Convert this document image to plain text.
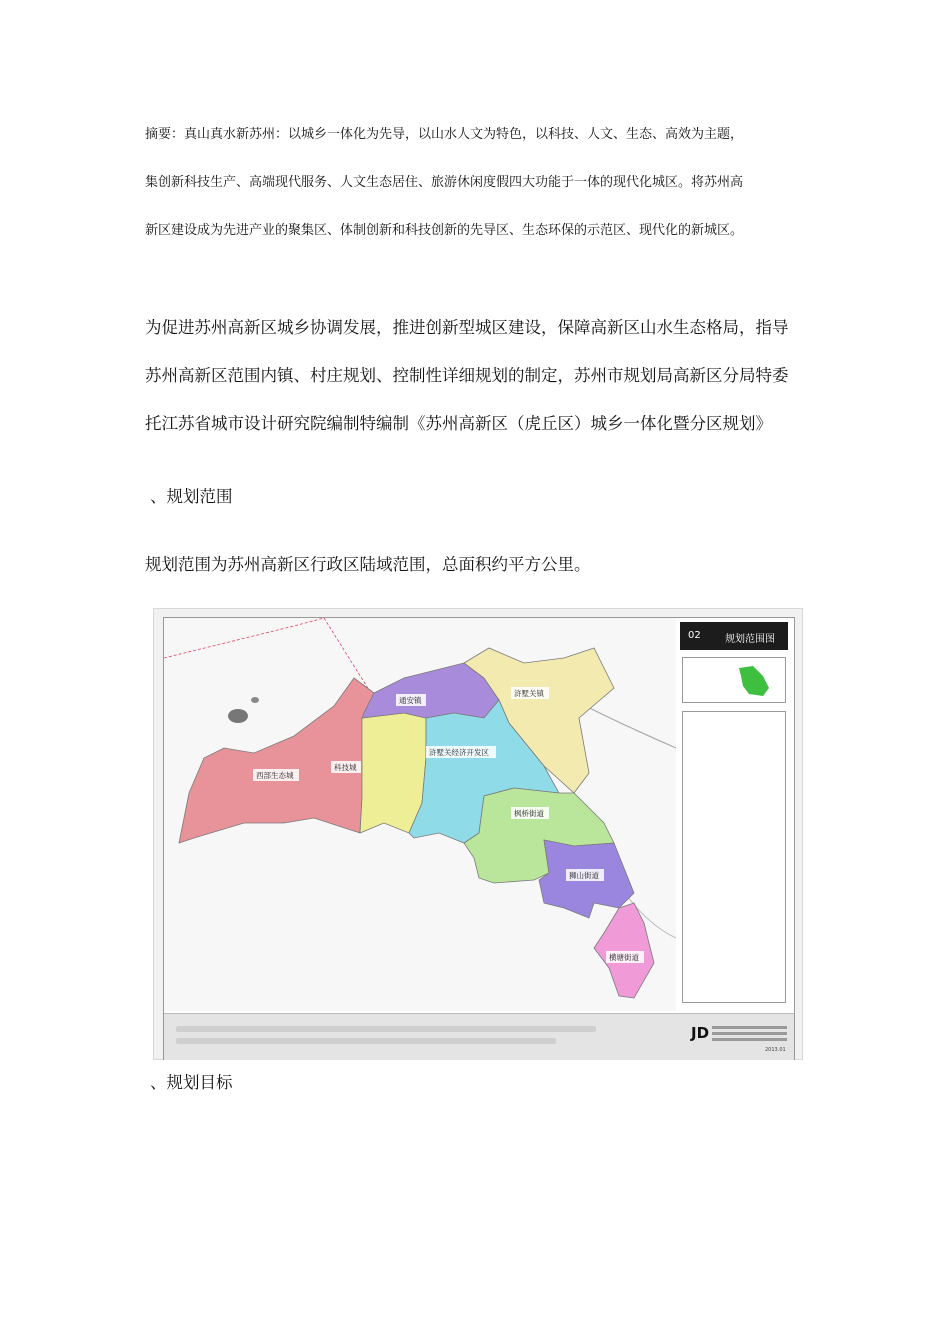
摘要：真山真水新苏州：以城乡一体化为先导，以山水人文为特色，以科技、人文、生态、高效为主题，

集创新科技生产、高端现代服务、人文生态居住、旅游休闲度假四大功能于一体的现代化城区。将苏州高

新区建设成为先进产业的聚集区、体制创新和科技创新的先导区、生态环保的示范区、现代化的新城区。

为促进苏州高新区城乡协调发展，推进创新型城区建设，保障高新区山水生态格局，指导

苏州高新区范围内镇、村庄规划、控制性详细规划的制定，苏州市规划局高新区分局特委

托江苏省城市设计研究院编制特编制《苏州高新区（虎丘区）城乡一体化暨分区规划》

、规划范围

规划范围为苏州高新区行政区陆域范围，总面积约平方公里。

西部生态城
科技城
通安镇
浒墅关镇
浒墅关经济开发区
枫桥街道
狮山街道
横塘街道
02 规划范围图
JD
2013.01

、规划目标
